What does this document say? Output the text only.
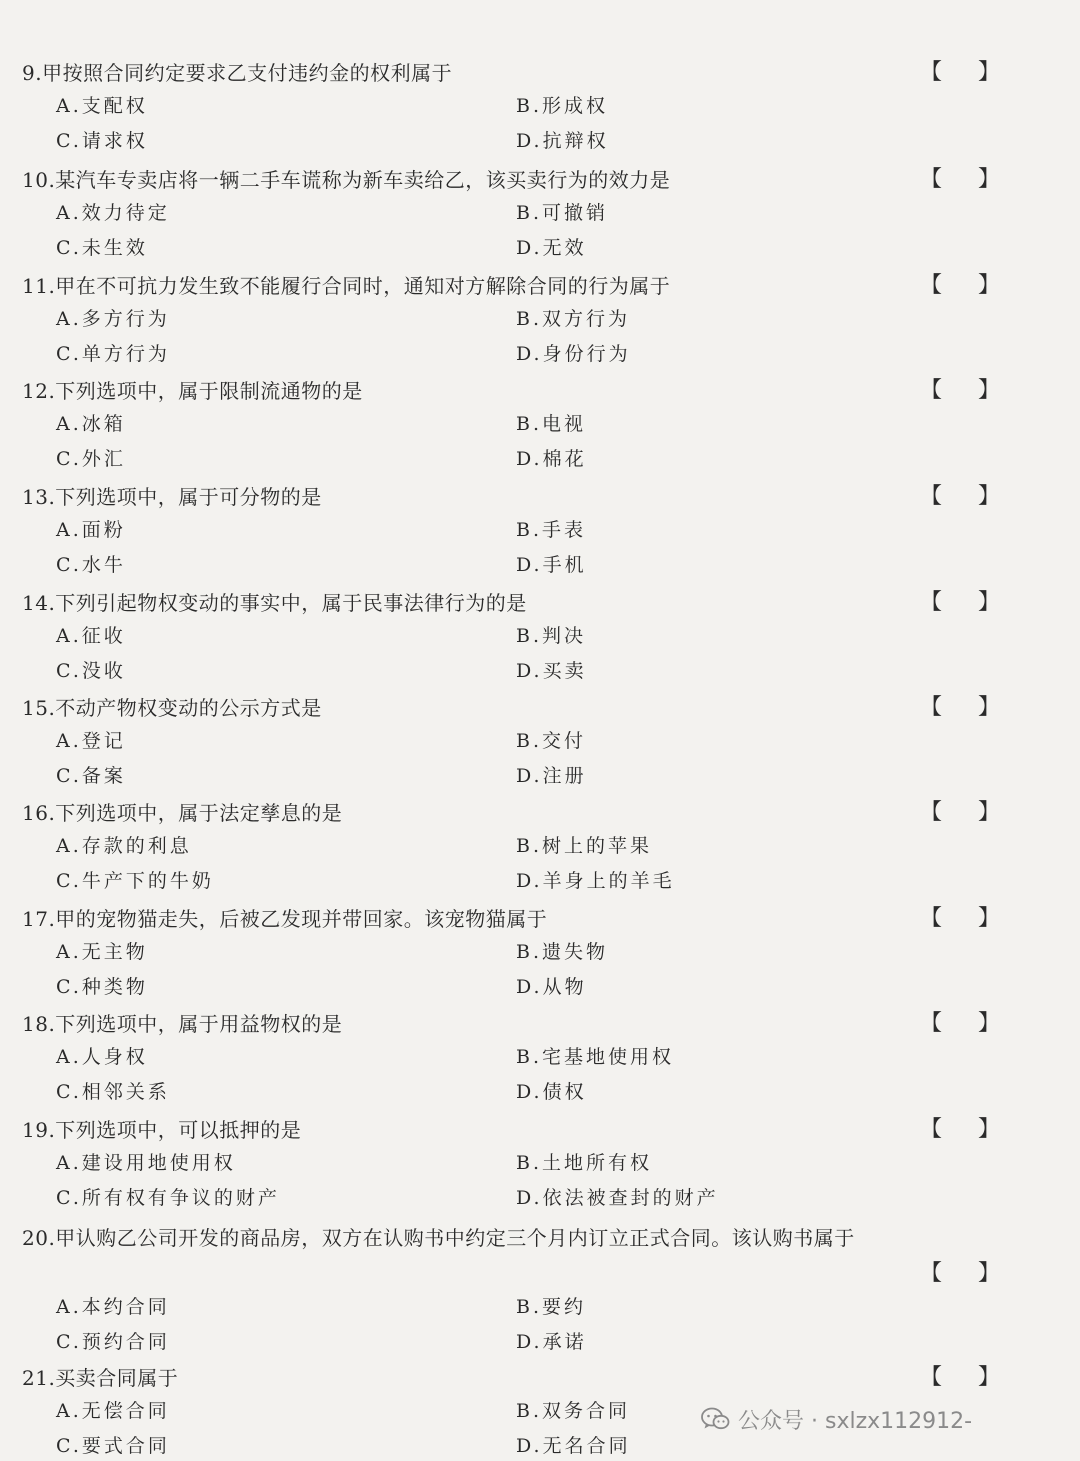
9.甲按照合同约定要求乙支付违约金的权利属于	【 】
A.支配权	B.形成权
C.请求权	D.抗辩权
10.某汽车专卖店将一辆二手车谎称为新车卖给乙，该买卖行为的效力是	【 】
A.效力待定	B.可撤销
C.未生效	D.无效
11.甲在不可抗力发生致不能履行合同时，通知对方解除合同的行为属于	【 】
A.多方行为	B.双方行为
C.单方行为	D.身份行为
12.下列选项中，属于限制流通物的是	【 】
A.冰箱	B.电视
C.外汇	D.棉花
13.下列选项中，属于可分物的是	【 】
A.面粉	B.手表
C.水牛	D.手机
14.下列引起物权变动的事实中，属于民事法律行为的是	【 】
A.征收	B.判决
C.没收	D.买卖
15.不动产物权变动的公示方式是	【 】
A.登记	B.交付
C.备案	D.注册
16.下列选项中，属于法定孳息的是	【 】
A.存款的利息	B.树上的苹果
C.牛产下的牛奶	D.羊身上的羊毛
17.甲的宠物猫走失，后被乙发现并带回家。该宠物猫属于	【 】
A.无主物	B.遗失物
C.种类物	D.从物
18.下列选项中，属于用益物权的是	【 】
A.人身权	B.宅基地使用权
C.相邻关系	D.债权
19.下列选项中，可以抵押的是	【 】
A.建设用地使用权	B.土地所有权
C.所有权有争议的财产	D.依法被查封的财产
20.甲认购乙公司开发的商品房，双方在认购书中约定三个月内订立正式合同。该认购书属于
【 】
A.本约合同	B.要约
C.预约合同	D.承诺
21.买卖合同属于	【 】
A.无偿合同	B.双务合同
C.要式合同	D.无名合同
公众号 · sxlzx112912-
